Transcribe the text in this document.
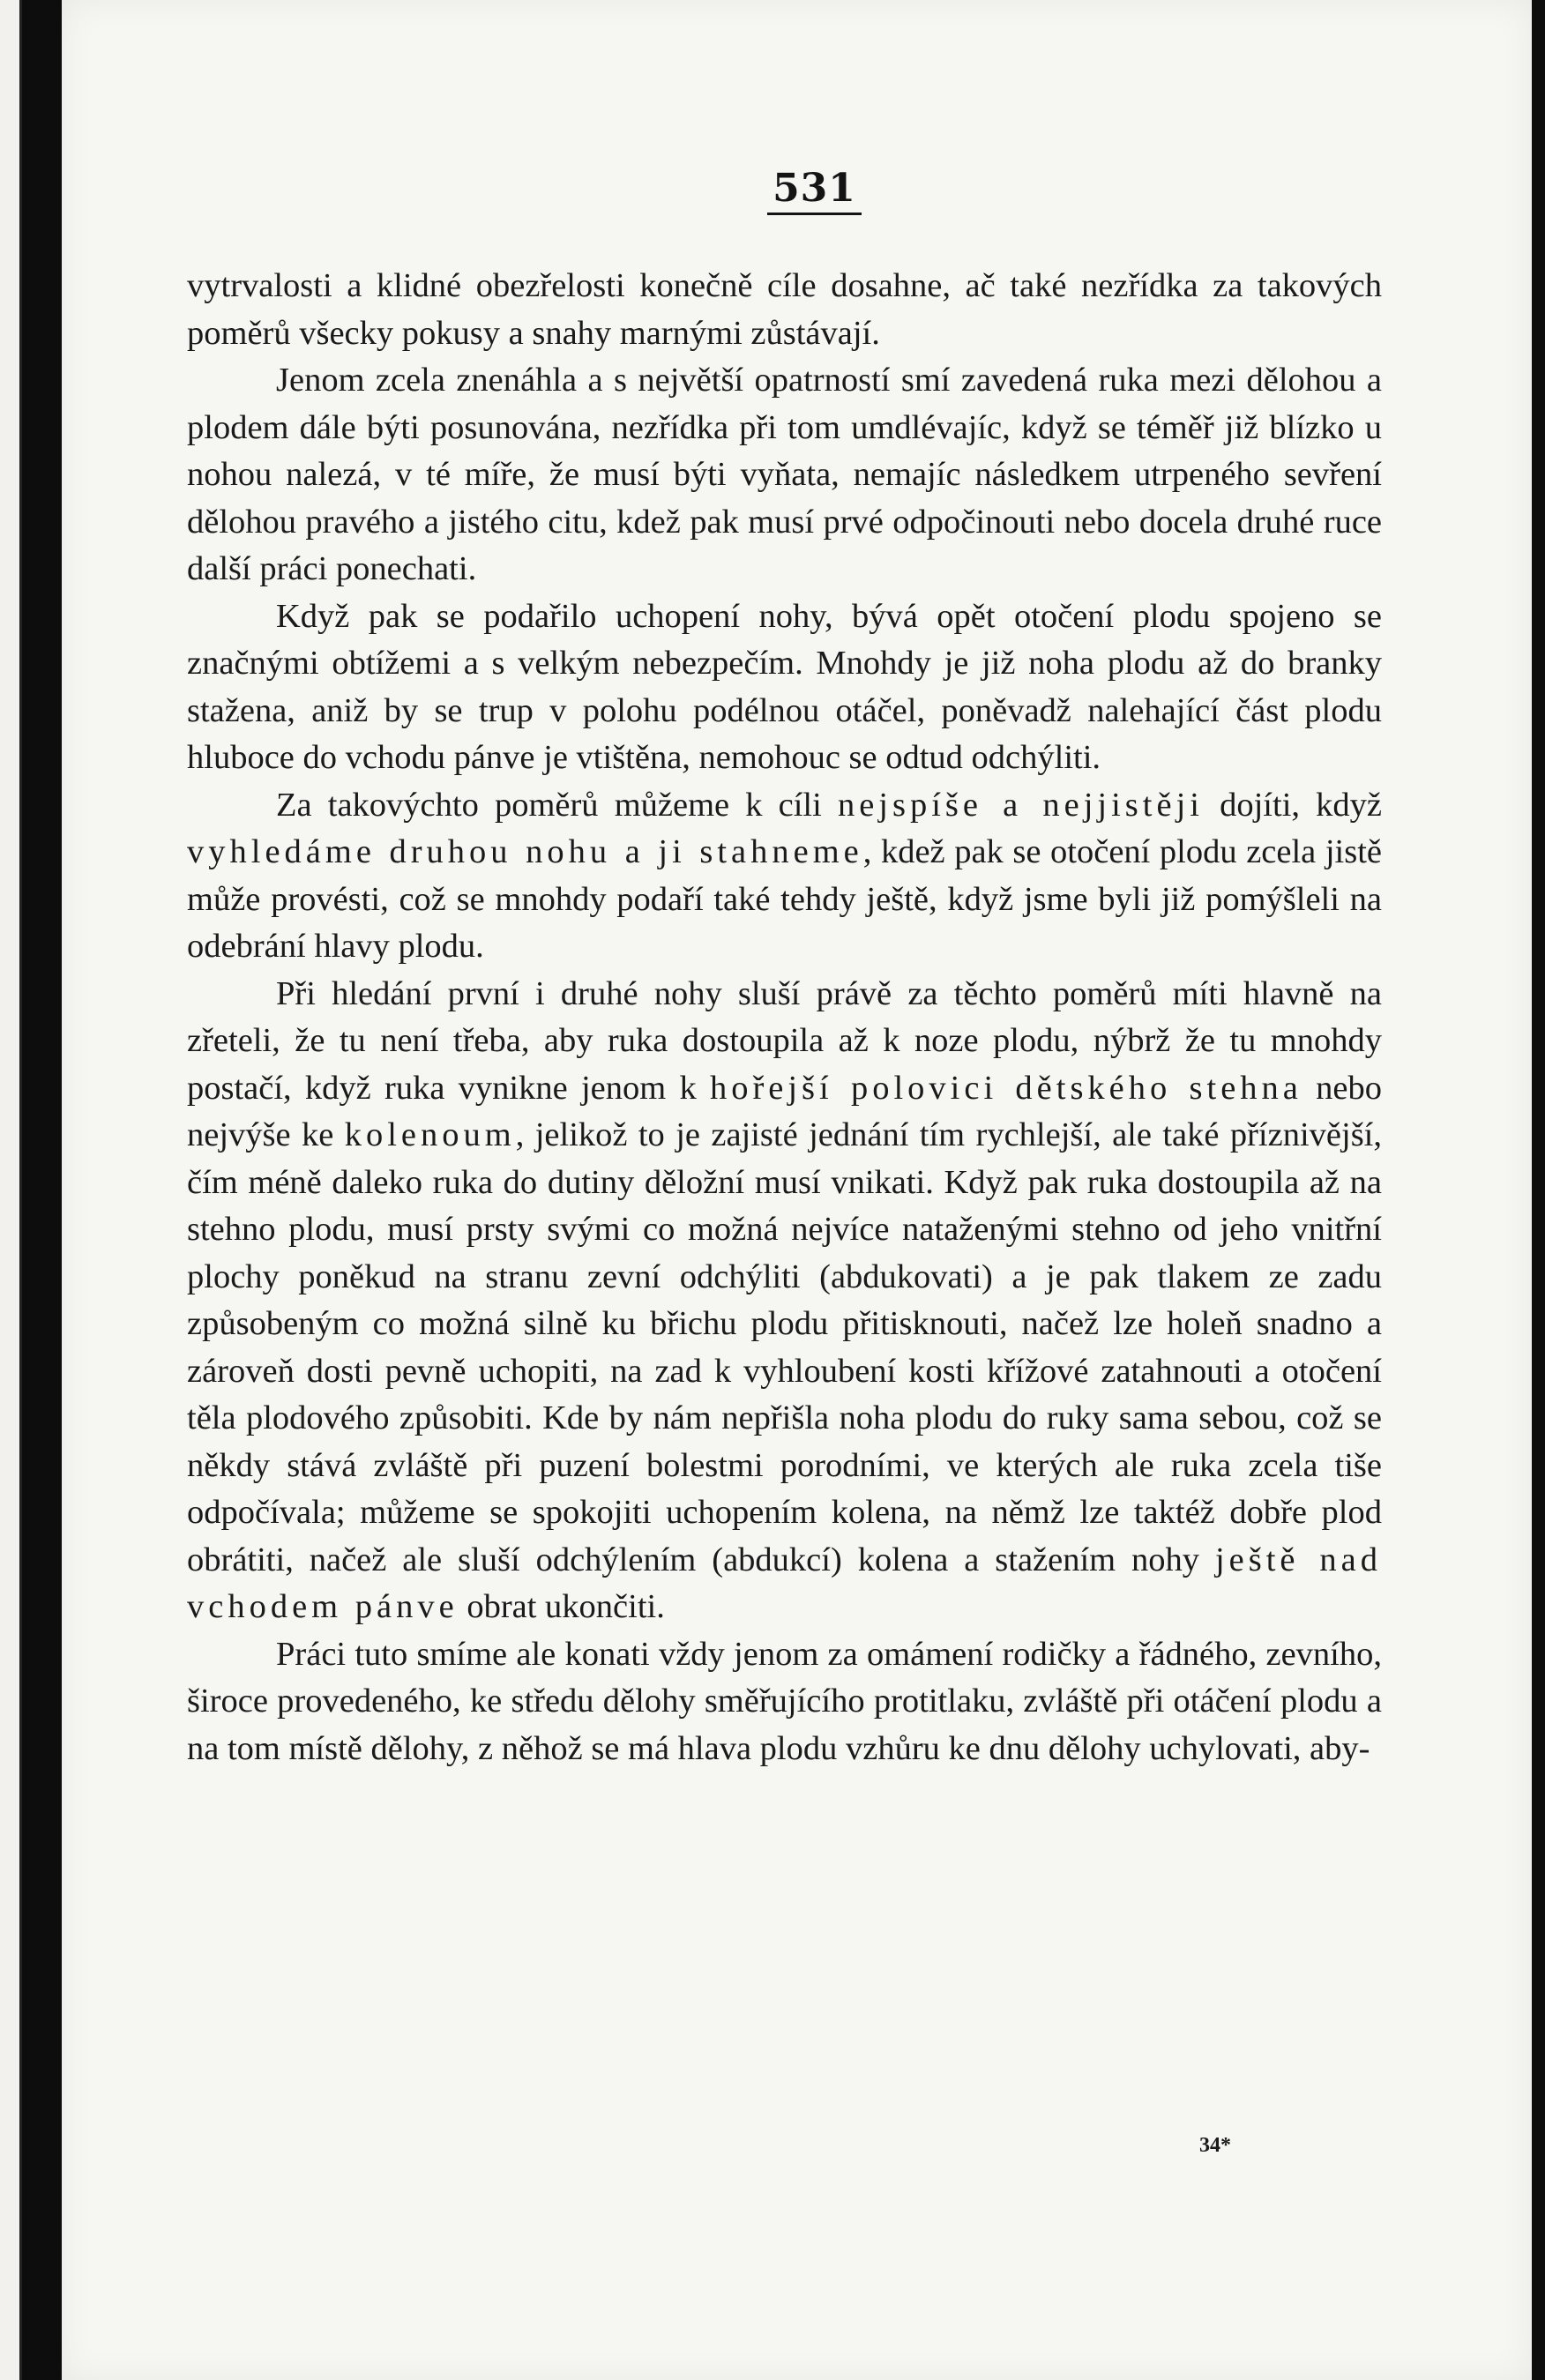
531

vytrvalosti a klidné obezřelosti konečně cíle dosahne, ač také nezřídka za takových poměrů všecky pokusy a snahy marnými zůstávají.

Jenom zcela znenáhla a s největší opatrností smí zavedená ruka mezi dělohou a plodem dále býti posunována, nezřídka při tom umdlévajíc, když se téměř již blízko u nohou nalezá, v té míře, že musí býti vyňata, nemajíc následkem utrpeného sevření dělohou pravého a jistého citu, kdež pak musí prvé odpočinouti nebo docela druhé ruce další práci ponechati.

Když pak se podařilo uchopení nohy, bývá opět otočení plodu spojeno se značnými obtížemi a s velkým nebezpečím. Mnohdy je již noha plodu až do branky stažena, aniž by se trup v polohu podélnou otáčel, poněvadž nalehající část plodu hluboce do vchodu pánve je vtištěna, nemohouc se odtud odchýliti.

Za takovýchto poměrů můžeme k cíli nejspíše a nejjistěji dojíti, když vyhledáme druhou nohu a ji stahneme, kdež pak se otočení plodu zcela jistě může provésti, což se mnohdy podaří také tehdy ještě, když jsme byli již pomýšleli na odebrání hlavy plodu.

Při hledání první i druhé nohy sluší právě za těchto poměrů míti hlavně na zřeteli, že tu není třeba, aby ruka dostoupila až k noze plodu, nýbrž že tu mnohdy postačí, když ruka vynikne jenom k hořejší polovici dětského stehna nebo nejvýše ke kolenoum, jelikož to je zajisté jednání tím rychlejší, ale také příznivější, čím méně daleko ruka do dutiny děložní musí vnikati. Když pak ruka dostoupila až na stehno plodu, musí prsty svými co možná nejvíce nataženými stehno od jeho vnitřní plochy poněkud na stranu zevní odchýliti (abdukovati) a je pak tlakem ze zadu způsobeným co možná silně ku břichu plodu přitisknouti, načež lze holeň snadno a zároveň dosti pevně uchopiti, na zad k vyhloubení kosti křížové zatahnouti a otočení těla plodového způsobiti. Kde by nám nepřišla noha plodu do ruky sama sebou, což se někdy stává zvláště při puzení bolestmi porodními, ve kterých ale ruka zcela tiše odpočívala; můžeme se spokojiti uchopením kolena, na němž lze taktéž dobře plod obrátiti, načež ale sluší odchýlením (abdukcí) kolena a stažením nohy ještě nad vchodem pánve obrat ukončiti.

Práci tuto smíme ale konati vždy jenom za omámení rodičky a řádného, zevního, široce provedeného, ke středu dělohy směřujícího protitlaku, zvláště při otáčení plodu a na tom místě dělohy, z něhož se má hlava plodu vzhůru ke dnu dělohy uchylovati, aby-

34*
